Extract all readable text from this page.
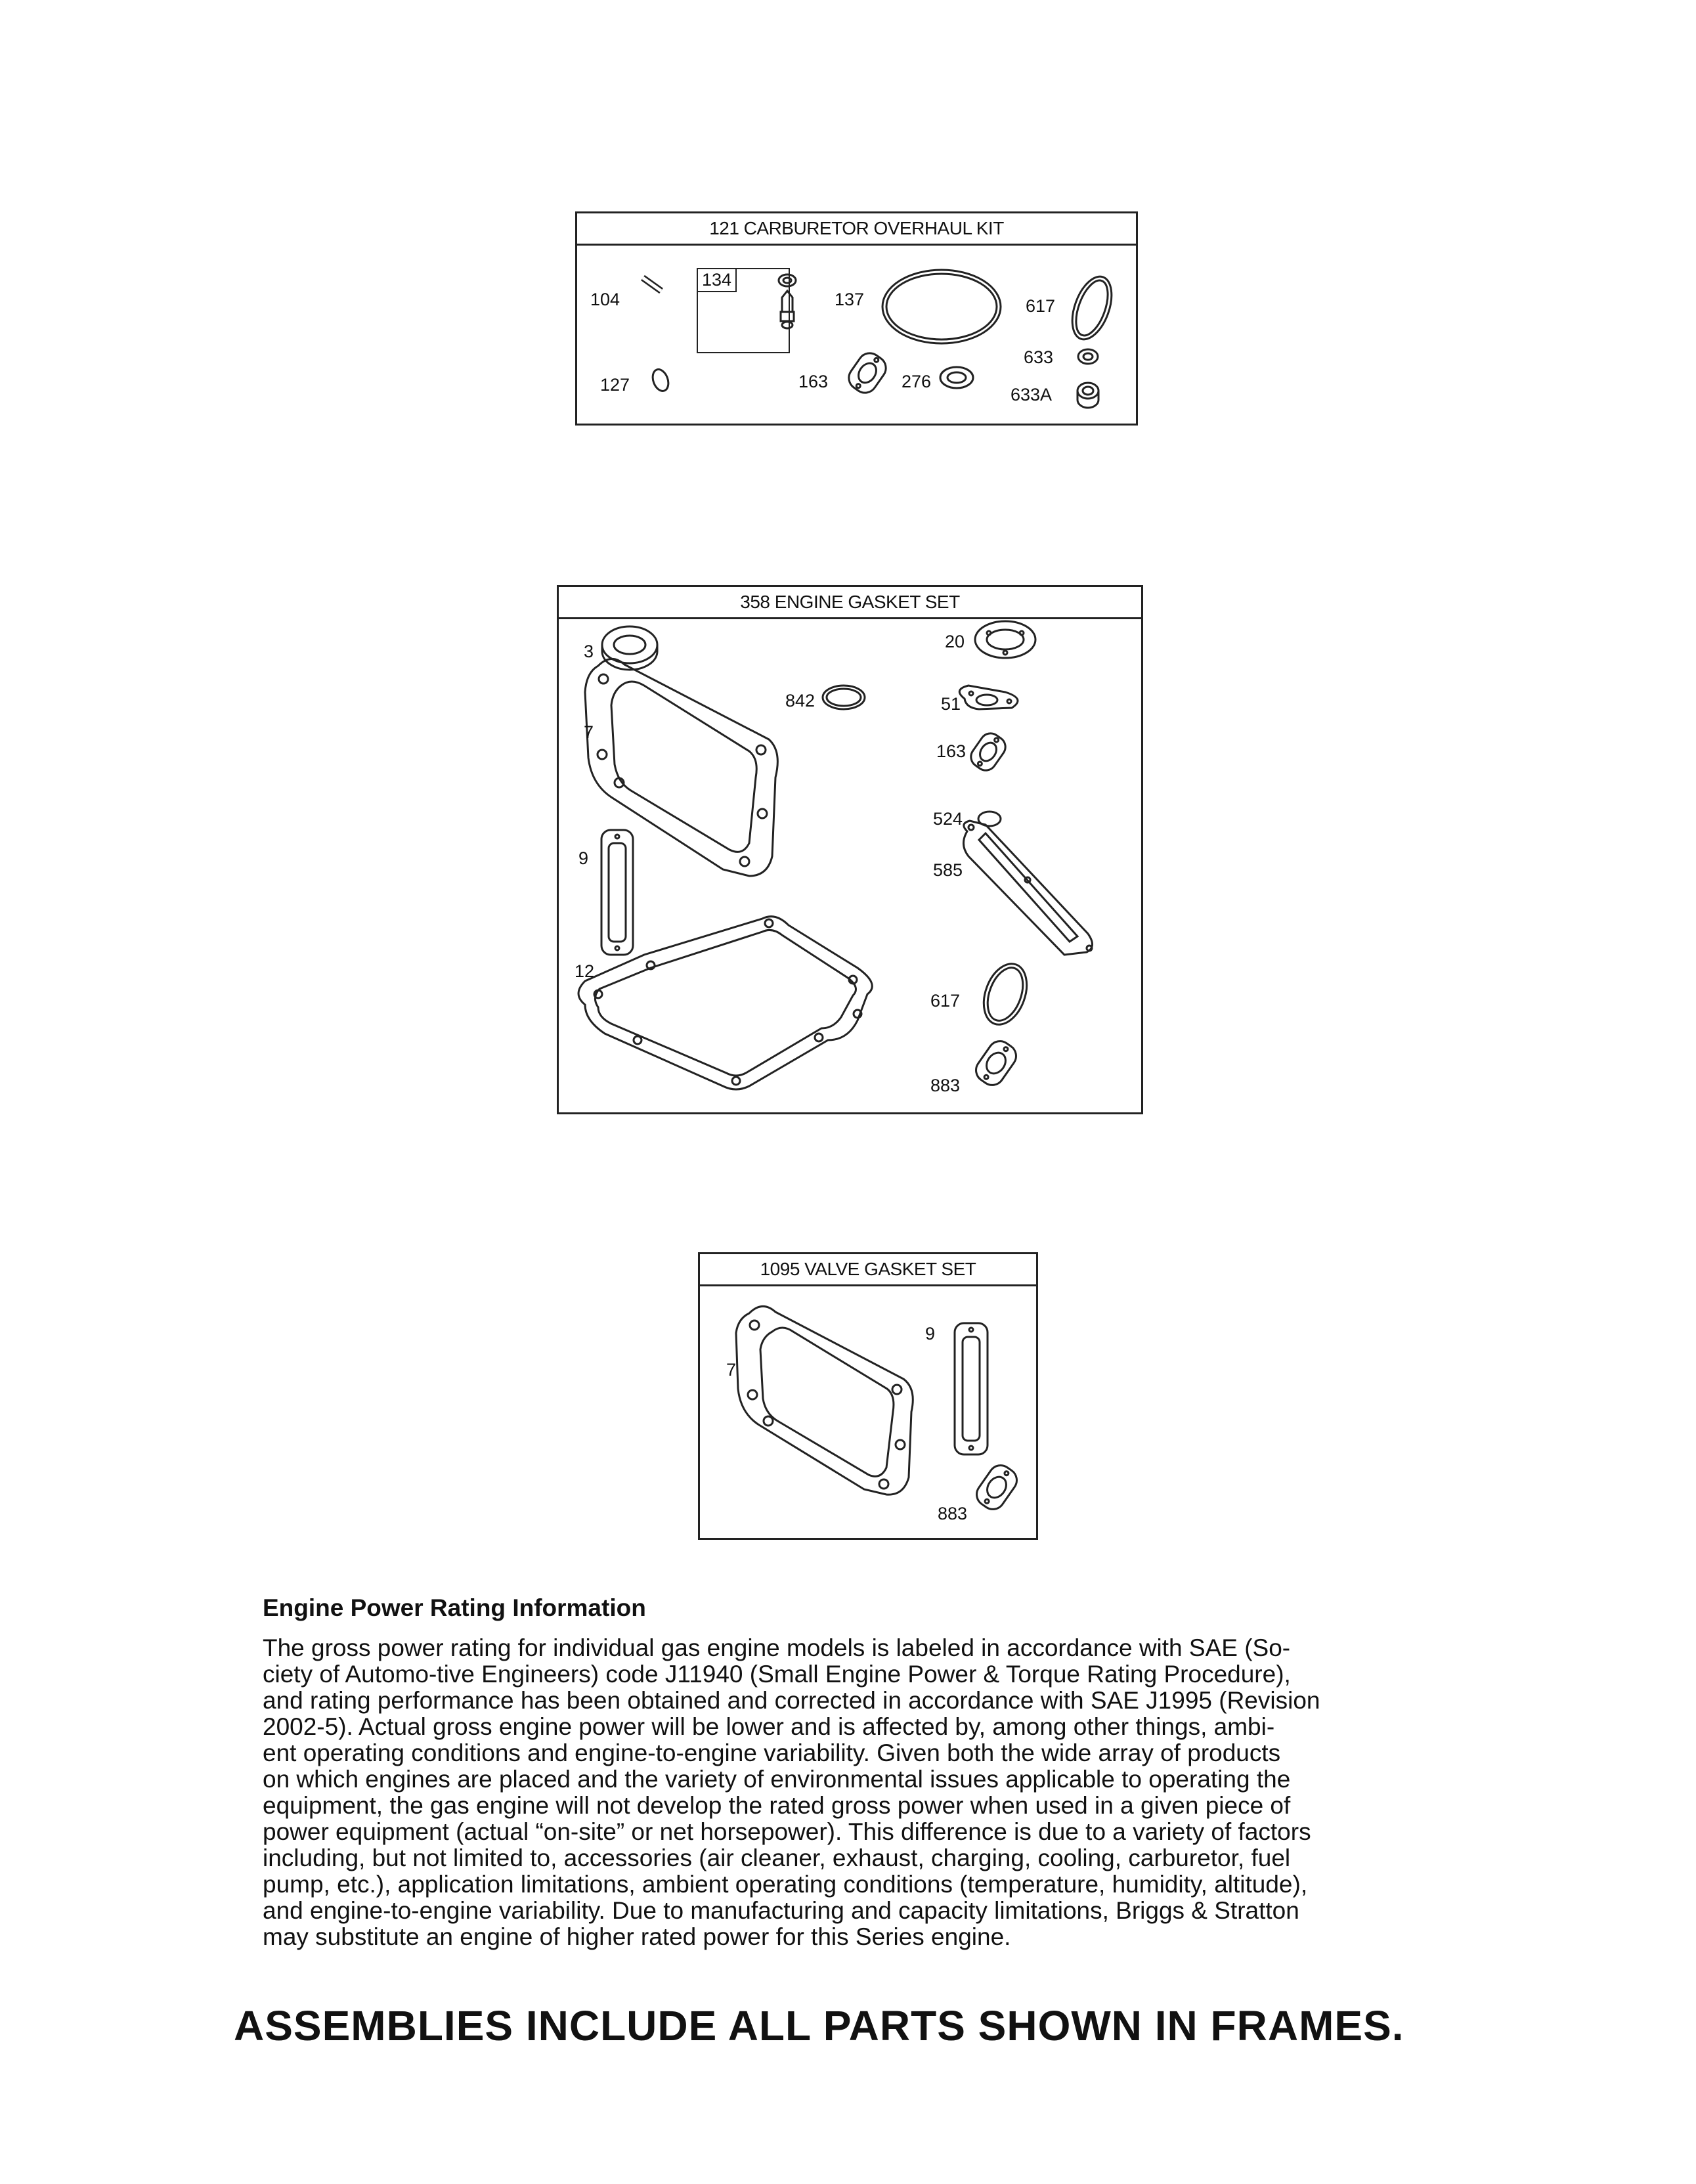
121 CARBURETOR OVERHAUL KIT
134
104	137	617
633
127	163	276
633A
358 ENGINE GASKET SET
3	20
842	51
7
163
524
585
9
12
617
883
1095 VALVE GASKET SET
9
7
883
Engine Power Rating Information

The gross power rating for individual gas engine models is labeled in accordance with SAE (So-

ciety of Automo-tive Engineers) code J11940 (Small Engine Power & Torque Rating Procedure),

and rating performance has been obtained and corrected in accordance with SAE J1995 (Revision

2002-5). Actual gross engine power will be lower and is affected by, among other things, ambi-

ent operating conditions and engine-to-engine variability. Given both the wide array of products

on which engines are placed and the variety of environmental issues applicable to operating the

equipment, the gas engine will not develop the rated gross power when used in a given piece of

power equipment (actual “on-site” or net horsepower). This difference is due to a variety of factors

including, but not limited to, accessories (air cleaner, exhaust, charging, cooling, carburetor, fuel

pump, etc.), application limitations, ambient operating conditions (temperature, humidity, altitude),

and engine-to-engine variability. Due to manufacturing and capacity limitations, Briggs & Stratton

may substitute an engine of higher rated power for this Series engine.

ASSEMBLIES INCLUDE ALL PARTS SHOWN IN FRAMES.
